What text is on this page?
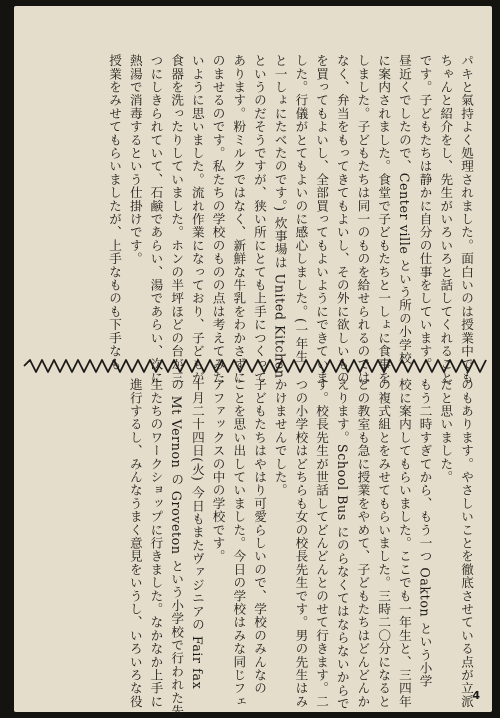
パキと氣持よく処理されました。面白いのは授業中でも
ちゃんと紹介をし、先生がいろいろと話してくれること
です。子どもたちは静かに自分の仕事をしています。
昼近くでしたので、Center ville という所の小学校
に案内されました。食堂で子どもたちと一しょに食事を
しました。子どもたちは同一のものを給せられるのでは
なく、弁当をもってきてもよいし、その外に欲しいもの
を買ってもよいし、全部買ってもよいようにできていま
した。行儀がとてもよいのに感心しました。(一年生
と一しょにたべたのです。) 炊事場は United Kitchen
というのだそうですが、狭い所にとても上手につくって
あります。粉ミルクではなく、新鮮な牛乳をわかさずに
のませるのです。私たちの学校のものの点は考えてみた
いように思いました。流れ作業になっており、子どもが
食器を洗ったりしていました。ホンの半坪ほどの台が三
つにしきられていて、石鹸であらい、湯であらい、次に
熱湯で消毒するという仕掛けです。
授業をみせてもらいましたが、上手なものも下手なも
のもあります。やさしいことを徹底させている点が立派
だと思いました。
もう二時すぎてから、もう一つ Oakton という小学
校に案内してもらいました。ここでも一年生と、三四年
の複式組とをみせてもらいました。三時二〇分になると
どの教室も急に授業をやめて、子どもたちはどんどんか
えります。School Bus にのらなくてはならないからで
す。校長先生が世話してどんどんとのせて行きます。二
つの小学校はどちらも女の校長先生です。男の先生はみ
かけませんでした。
子どもたちはやはり可愛らしいので、学校のみんなの
ことを思い出していました。今日の学校はみな同じフェ
アファックスの中の学校です。
十月二十四日(火) 今日もまたヴァジニアの Fair fax
の Mt Vernon の Groveton という小学校で行われた先
生たちのワークショップに行きました。なかなか上手に
進行するし、みんなうまく意見をいうし、いろいろな役	4
